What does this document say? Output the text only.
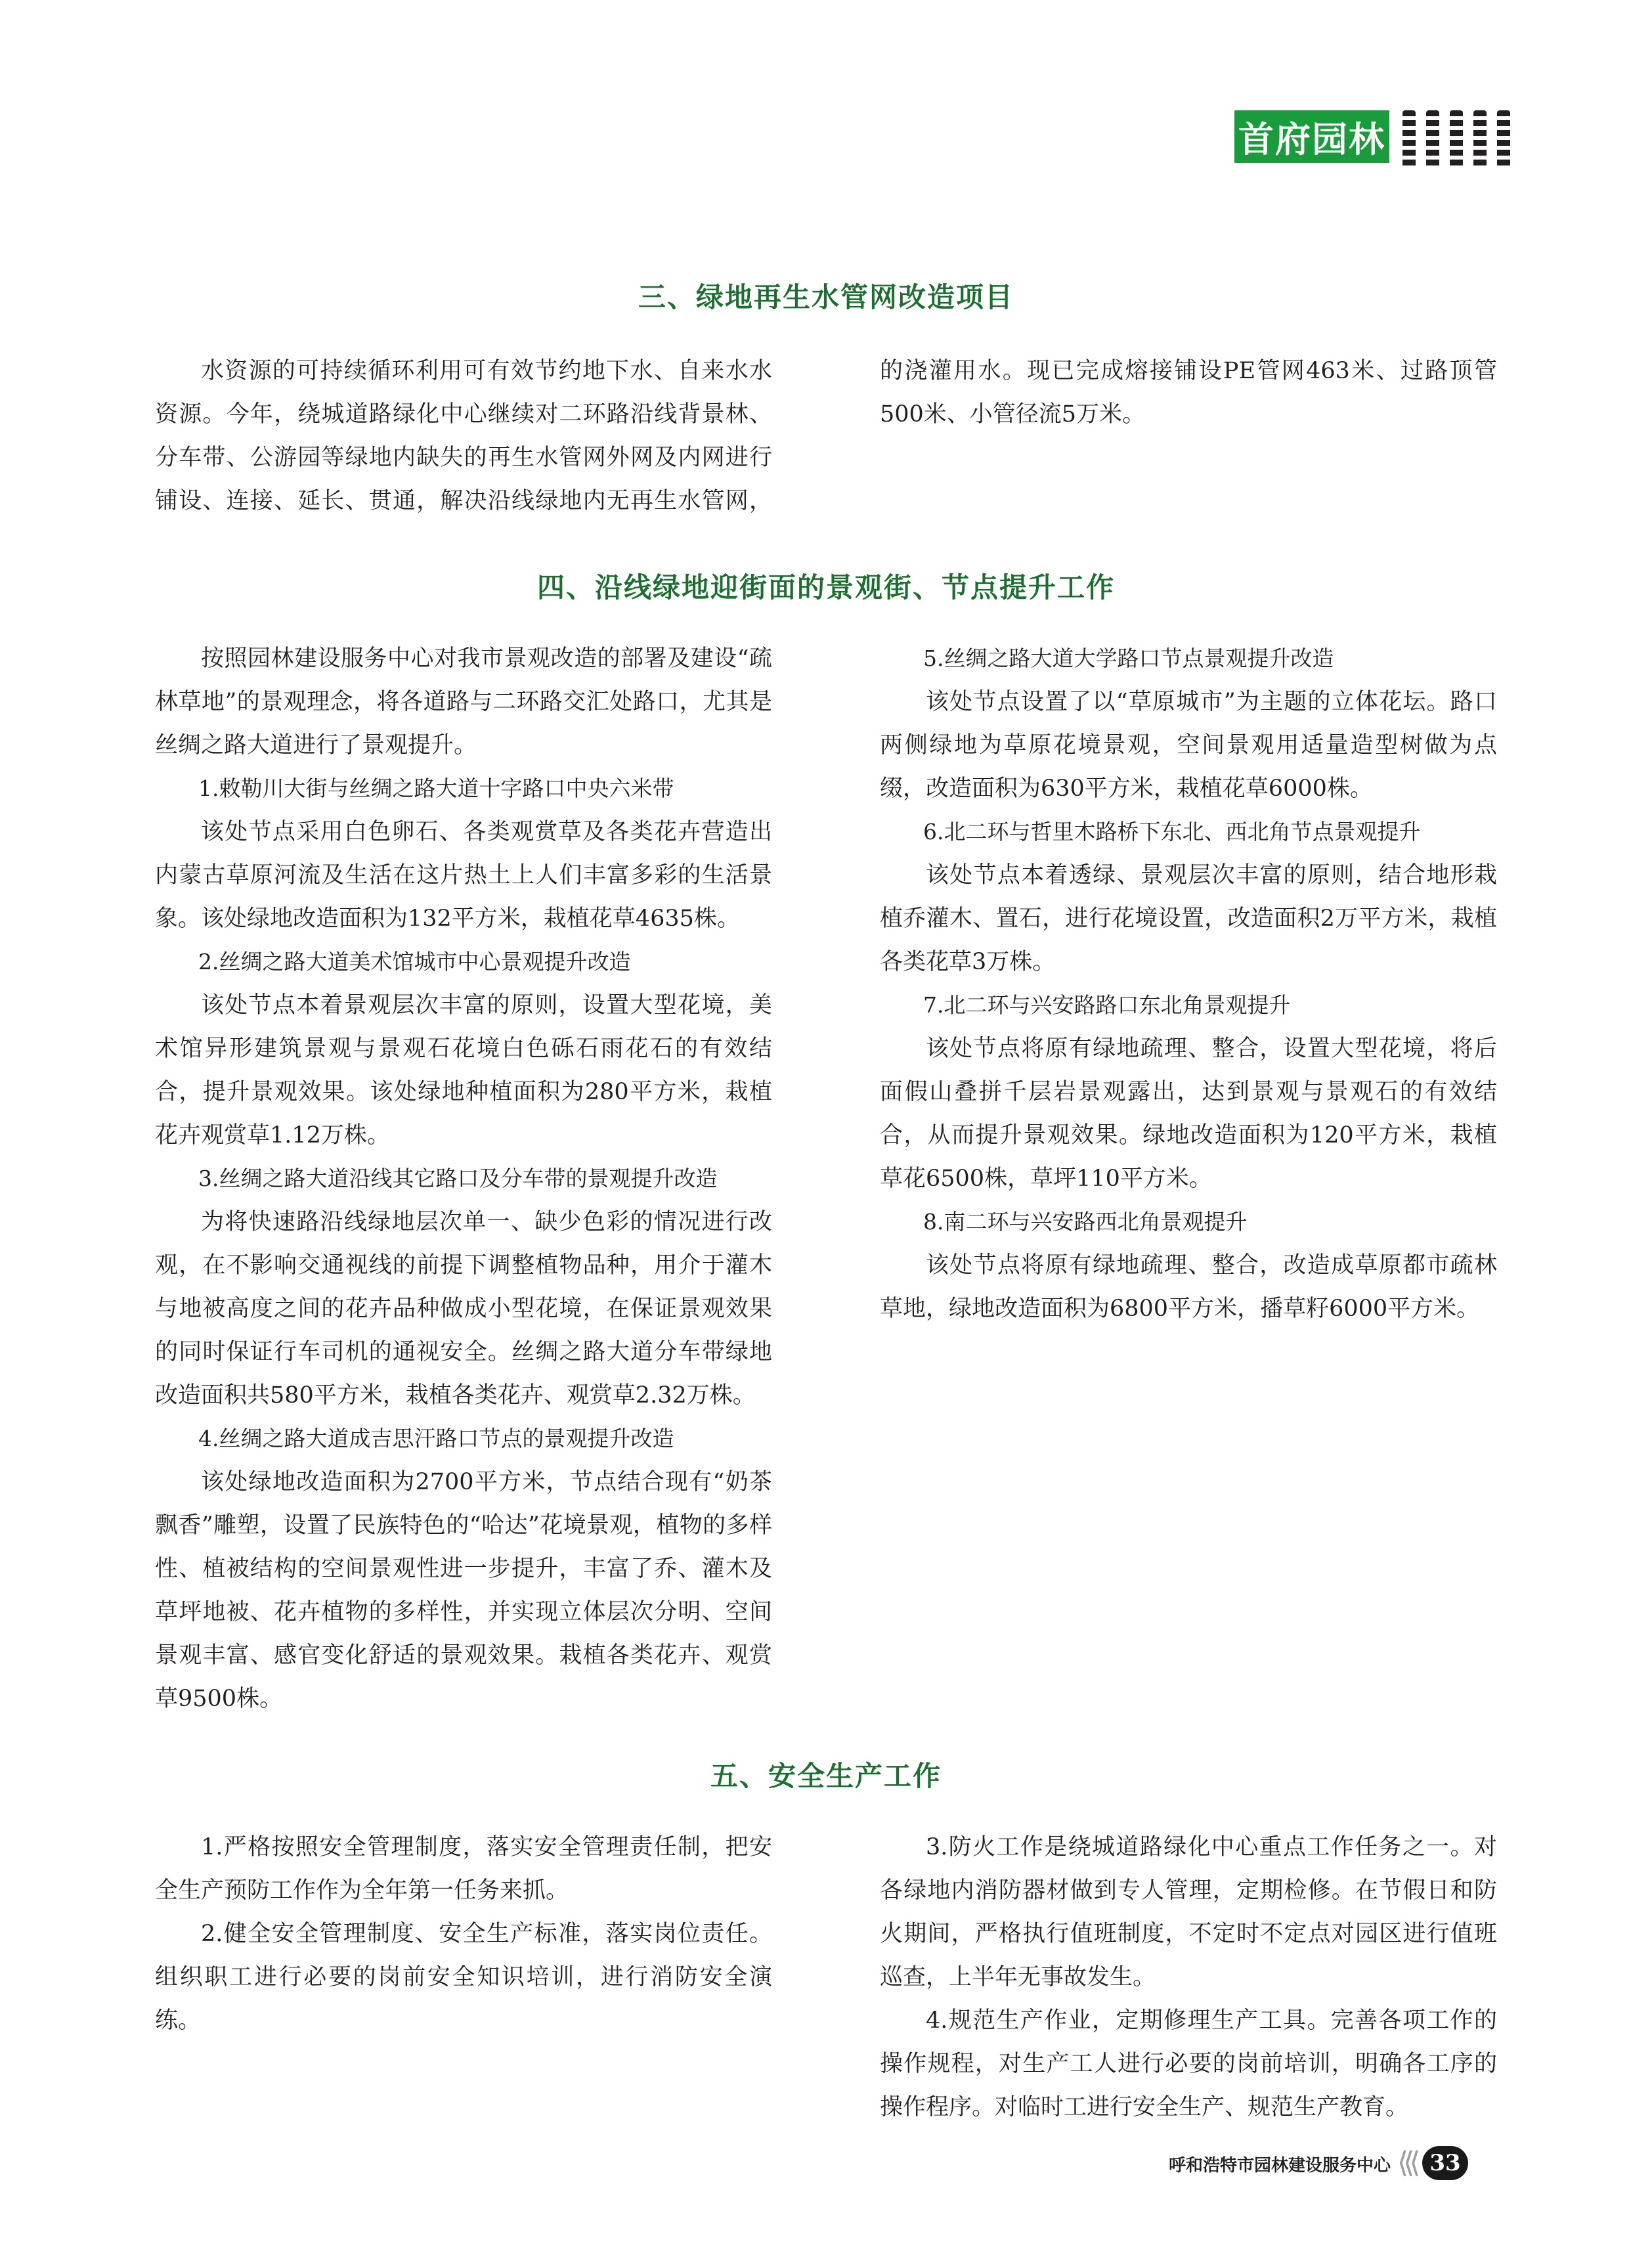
首府园林
三、绿地再生水管网改造项目

水资源的可持续循环利用可有效节约地下水、自来水水资源。今年，绕城道路绿化中心继续对二环路沿线背景林、分车带、公游园等绿地内缺失的再生水管网外网及内网进行铺设、连接、延长、贯通，解决沿线绿地内无再生水管网，

的浇灌用水。现已完成熔接铺设PE管网463米、过路顶管500米、小管径流5万米。

四、沿线绿地迎街面的景观街、节点提升工作

按照园林建设服务中心对我市景观改造的部署及建设“疏林草地”的景观理念，将各道路与二环路交汇处路口，尤其是丝绸之路大道进行了景观提升。

1.敕勒川大街与丝绸之路大道十字路口中央六米带

该处节点采用白色卵石、各类观赏草及各类花卉营造出内蒙古草原河流及生活在这片热土上人们丰富多彩的生活景象。该处绿地改造面积为132平方米，栽植花草4635株。

2.丝绸之路大道美术馆城市中心景观提升改造

该处节点本着景观层次丰富的原则，设置大型花境，美术馆异形建筑景观与景观石花境白色砾石雨花石的有效结合，提升景观效果。该处绿地种植面积为280平方米，栽植花卉观赏草1.12万株。

3.丝绸之路大道沿线其它路口及分车带的景观提升改造

为将快速路沿线绿地层次单一、缺少色彩的情况进行改观，在不影响交通视线的前提下调整植物品种，用介于灌木与地被高度之间的花卉品种做成小型花境，在保证景观效果的同时保证行车司机的通视安全。丝绸之路大道分车带绿地改造面积共580平方米，栽植各类花卉、观赏草2.32万株。

4.丝绸之路大道成吉思汗路口节点的景观提升改造

该处绿地改造面积为2700平方米，节点结合现有“奶茶飘香”雕塑，设置了民族特色的“哈达”花境景观，植物的多样性、植被结构的空间景观性进一步提升，丰富了乔、灌木及草坪地被、花卉植物的多样性，并实现立体层次分明、空间景观丰富、感官变化舒适的景观效果。栽植各类花卉、观赏草9500株。

5.丝绸之路大道大学路口节点景观提升改造

该处节点设置了以“草原城市”为主题的立体花坛。路口两侧绿地为草原花境景观，空间景观用适量造型树做为点缀，改造面积为630平方米，栽植花草6000株。

6.北二环与哲里木路桥下东北、西北角节点景观提升

该处节点本着透绿、景观层次丰富的原则，结合地形栽植乔灌木、置石，进行花境设置，改造面积2万平方米，栽植各类花草3万株。

7.北二环与兴安路路口东北角景观提升

该处节点将原有绿地疏理、整合，设置大型花境，将后面假山叠拼千层岩景观露出，达到景观与景观石的有效结合，从而提升景观效果。绿地改造面积为120平方米，栽植草花6500株，草坪110平方米。

8.南二环与兴安路西北角景观提升

该处节点将原有绿地疏理、整合，改造成草原都市疏林草地，绿地改造面积为6800平方米，播草籽6000平方米。

五、安全生产工作

1.严格按照安全管理制度，落实安全管理责任制，把安全生产预防工作作为全年第一任务来抓。

2.健全安全管理制度、安全生产标准，落实岗位责任。组织职工进行必要的岗前安全知识培训，进行消防安全演练。

3.防火工作是绕城道路绿化中心重点工作任务之一。对各绿地内消防器材做到专人管理，定期检修。在节假日和防火期间，严格执行值班制度，不定时不定点对园区进行值班巡查，上半年无事故发生。

4.规范生产作业，定期修理生产工具。完善各项工作的操作规程，对生产工人进行必要的岗前培训，明确各工序的操作程序。对临时工进行安全生产、规范生产教育。

呼和浩特市园林建设服务中心 ⟨⟨⟨ 33
